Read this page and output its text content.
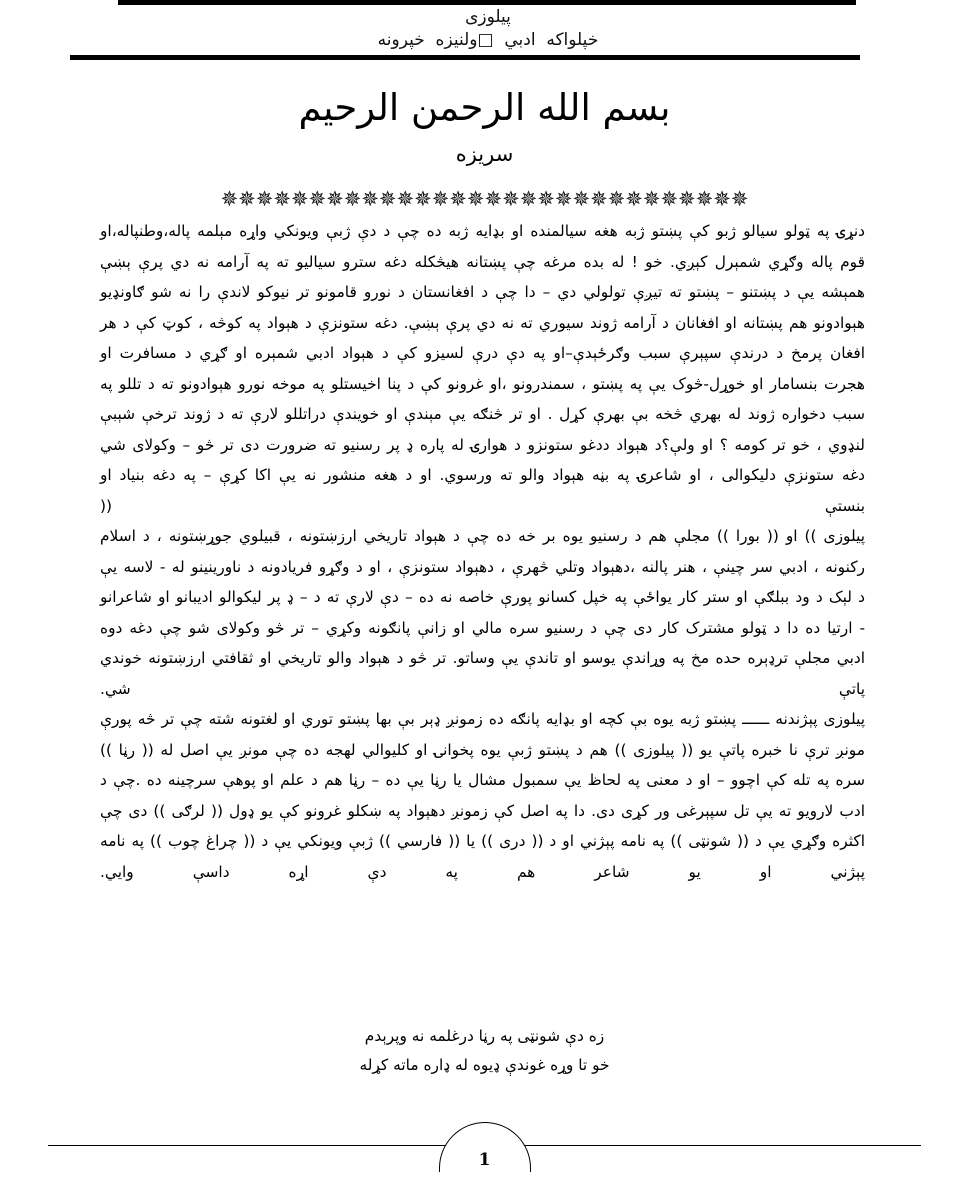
پيلوزی
خپلواکه  ادبي  □ولنيزه  خپرونه
بسم الله الرحمن الرحيم
سريزه
✵✵✵✵✵✵✵✵✵✵✵✵✵✵✵✵✵✵✵✵✵✵✵✵✵✵✵✵✵✵

دنړۍ په ټولو سيالو ژبو کې پښتو ژبه هغه سيالمنده او بډايه ژبه ده چې د دې ژبې ويونکي واړه مېلمه پاله،وطنپاله،او قوم پاله وګړي شمېرل کېږي. خو ! له بده مرغه چې پښتانه هيڅکله دغه سترو سياليو ته په آرامه نه دي پرې ېښې همېشه يې د پښتنو – پښتو ته تيږې تولولي دي – دا چې د افغانستان د نورو قامونو تر نيوکو لاندې را نه شو ګاونډيو هېوادونو هم پښتانه او افغانان د آرامه ژوند سيوري ته نه دي پرې ېښې. دغه ستونزې د هېواد په کوڅه ، کوټ کې د هر افغان پرمخ د درندې سپېرې سبب وګرځېدې–او په دې درې لسيزو کې د هېواد ادبي شمېره او ګړي د مسافرت او هجرت بنسامار او خوړل-څوک يې په پښتو ، سمندرونو ،او غرونو کې د پنا اخيستلو په موخه نورو هېوادونو ته د تللو په سبب دخواره ژوند له بهري څخه بې بهرې کړل . او تر څنګه يې مېندې او خويندې دراتللو لارې ته د ژوند ترخې شېبې لنډوي ، خو تر کومه ؟ او ولې؟د هېواد ددغو ستونزو د هوارۍ له پاره ډ پر رسنيو ته ضرورت دی تر څو – وکولای شي دغه ستونزې دليکوالی ، او شاعرۍ په بڼه هېواد والو ته ورسوي. او د هغه منشور نه يې اکا کړې – په دغه بنياد او بنستې ((

پيلوزی )) او (( بورا )) مجلې هم د رسنيو يوه بر خه ده چې د هېواد تاريخي ارزښتونه ، قبيلوي جوړښتونه ، د اسلام رکنونه ، ادبي سر چينې ، هنر پالنه ،دهېواد وتلي څهرې ، دهېواد ستونزې ، او د وګړو فريادونه د ناورينينو له - لاسه يې د لېک د ود ببلګې او ستر کار يواځې په خپل کسانو پورې خاصه نه ده – دې لارې ته د – ډ پر ليکوالو اديبانو او شاعرانو - ارتيا ده دا د ټولو مشترک کار دی چې د رسنيو سره مالي او زانې پانګونه وکړي – تر څو وکولای شو چې دغه دوه ادبي مجلې ترډېره حده مخ په وړاندې يوسو او تاندې يې وساتو. تر څو د هېواد والو تاريخي او ثقافتي ارزښتونه خوندي پاتې شي.

پيلوزی پېژندنه ــــــ پښتو ژبه يوه بې کچه او بډايه پانګه ده زمونږ ډېر بې بها پښتو توري او لغتونه شته چې تر څه پورې مونږ ترې نا خبره پاتې يو (( پيلوزی )) هم د پښتو ژبې يوه پخوانۍ او کليوالي لهجه ده چې مونږ يې اصل له (( رڼا )) سره په تله کې اچوو – او د معنی په لحاظ يې سمبول مشال يا رڼا يې ده – رڼا هم د علم او پوهې سرچينه ده .چې د ادب لارويو ته يې تل سپېرغی ور کړی دی. دا په اصل کې زمونږ دهېواد په ښکلو غرونو کې يو ډول (( لرګی )) دی چې اکثره وګړي يې د (( شونټی )) په نامه پېژني او د (( دری )) يا (( فارسي )) ژبې ويونکي يې د (( چراغ چوب )) په نامه پېژني او يو شاعر هم په دې اړه داسې وايي.
زه دې شونټی په رڼا درغلمه نه وپرېدم
خو تا وړه غوندې ډيوه له ډاره ماته کړله
1
